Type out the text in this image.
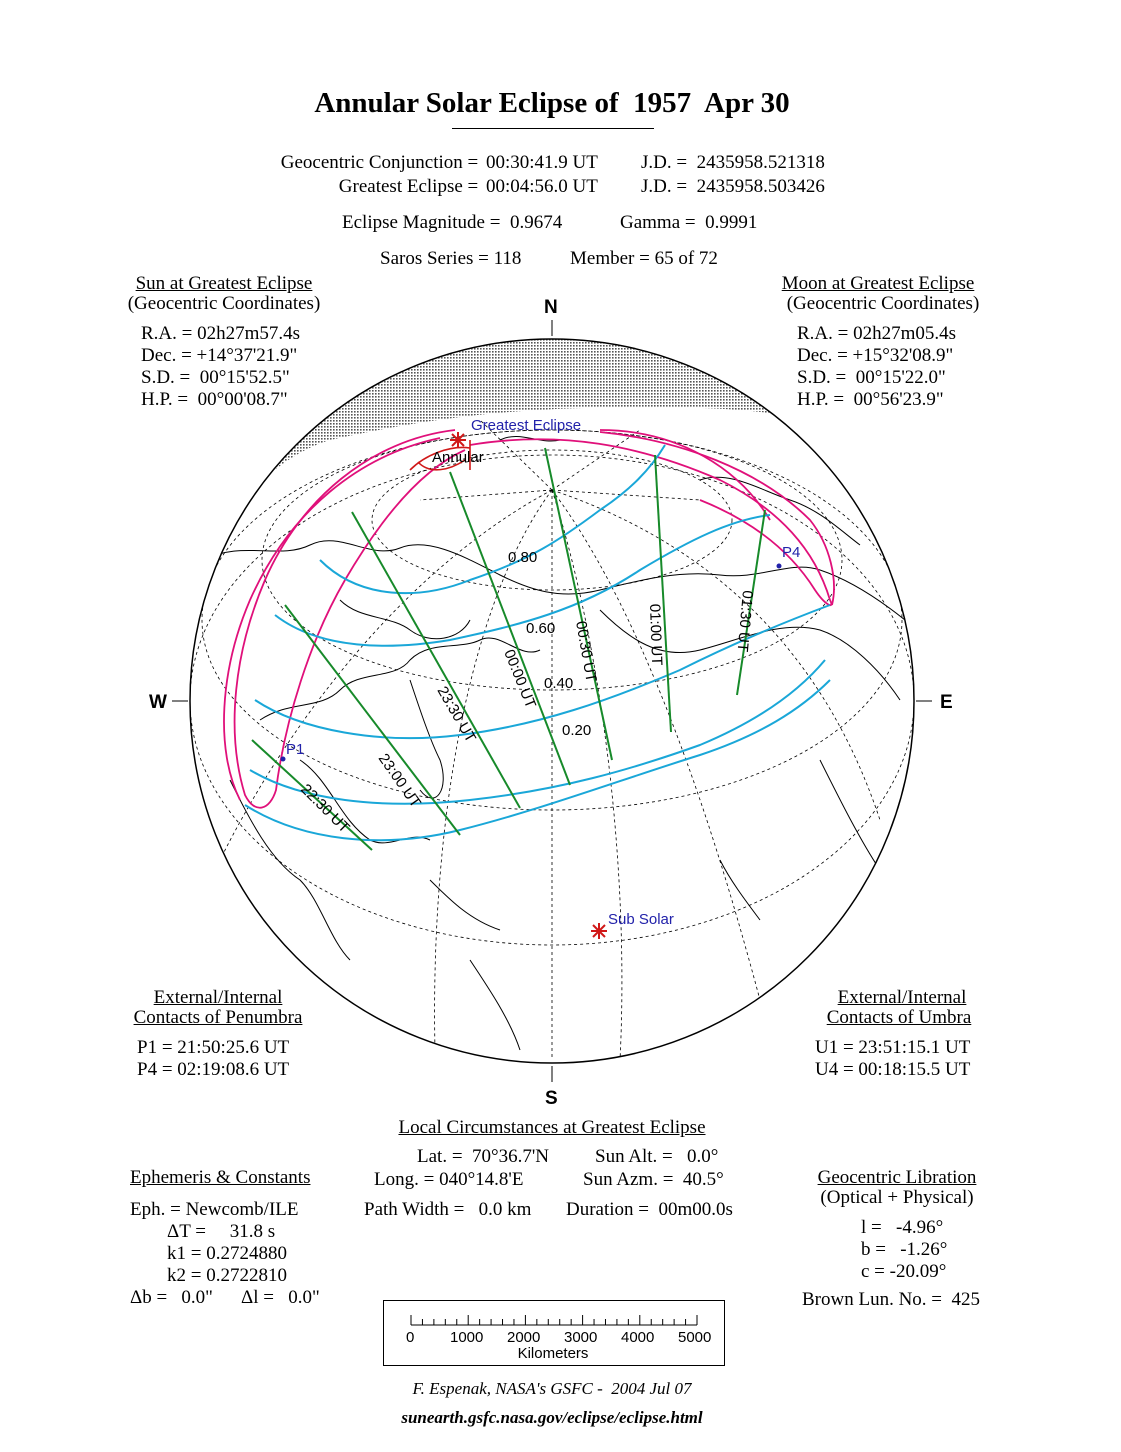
Annular Solar Eclipse of  1957  Apr 30
Geocentric Conjunction = 00:30:41.9 UT J.D. =  2435958.521318
Greatest Eclipse = 00:04:56.0 UT J.D. =  2435958.503426
Eclipse Magnitude =  0.9674	Gamma =  0.9991
Saros Series = 118	Member = 65 of 72
Sun at Greatest Eclipse
(Geocentric Coordinates)
R.A. = 02h27m57.4s
Dec. = +14°37'21.9"
S.D. =  00°15'52.5"
H.P. =  00°00'08.7"
Moon at Greatest Eclipse
(Geocentric Coordinates)
R.A. = 02h27m05.4s
Dec. = +15°32'08.9"
S.D. =  00°15'22.0"
H.P. =  00°56'23.9"
Greatest Eclipse
Annular
P1
P4
Sub Solar
0.80
0.60
0.40
0.20
22:30 UT 23:00 UT
23:30 UT
00:00 UT 00:30 UT	01:00 UT	01:30 UT
N
S
W	E
External/Internal
Contacts of Penumbra
P1 = 21:50:25.6 UT
P4 = 02:19:08.6 UT
External/Internal
Contacts of Umbra
U1 = 23:51:15.1 UT
U4 = 00:18:15.5 UT
Local Circumstances at Greatest Eclipse
Lat. =  70°36.7'N
Long. = 040°14.8'E
Sun Alt. =   0.0°
Sun Azm. =  40.5°
Path Width =   0.0 km Duration =  00m00.0s
Ephemeris & Constants
Eph. = Newcomb/ILE
ΔT =     31.8 s
k1 = 0.2724880
k2 = 0.2722810
Δb =   0.0" Δl =   0.0"
Geocentric Libration
(Optical + Physical)
l =   -4.96°
b =   -1.26°
c = -20.09°
Brown Lun. No. =  425
0 1000 2000 3000 4000 5000
Kilometers
F. Espenak, NASA's GSFC -  2004 Jul 07
sunearth.gsfc.nasa.gov/eclipse/eclipse.html
